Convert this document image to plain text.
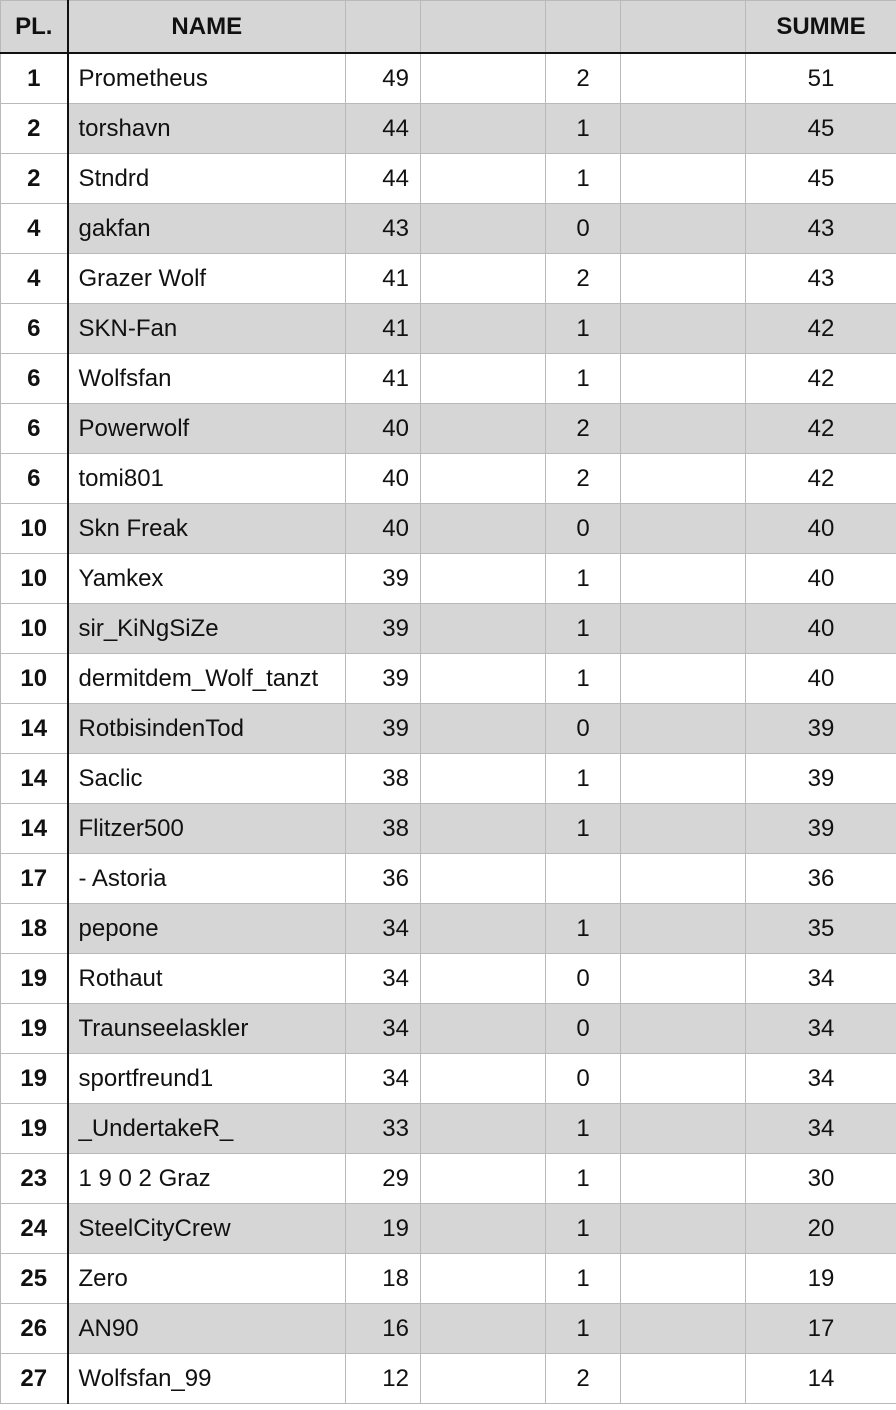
PL.	NAME					SUMME
1	Prometheus	49		2		51
2	torshavn	44		1		45
2	Stndrd	44		1		45
4	gakfan	43		0		43
4	Grazer Wolf	41		2		43
6	SKN-Fan	41		1		42
6	Wolfsfan	41		1		42
6	Powerwolf	40		2		42
6	tomi801	40		2		42
10	Skn Freak	40		0		40
10	Yamkex	39		1		40
10	sir_KiNgSiZe	39		1		40
10	dermitdem_Wolf_tanzt	39		1		40
14	RotbisindenTod	39		0		39
14	Saclic	38		1		39
14	Flitzer500	38		1		39
17	- Astoria	36				36
18	pepone	34		1		35
19	Rothaut	34		0		34
19	Traunseelaskler	34		0		34
19	sportfreund1	34		0		34
19	_UndertakeR_	33		1		34
23	1 9 0 2 Graz	29		1		30
24	SteelCityCrew	19		1		20
25	Zero	18		1		19
26	AN90	16		1		17
27	Wolfsfan_99	12		2		14
